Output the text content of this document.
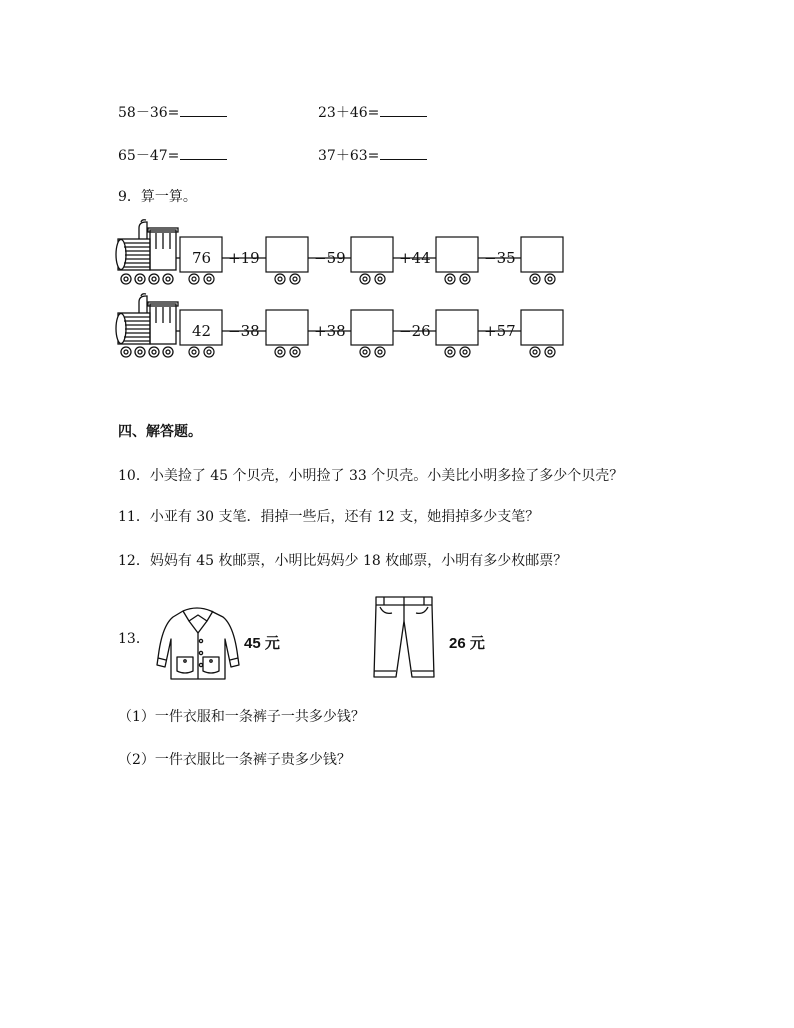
58－36=	23＋46=
65－47=	37＋63=
9．算一算。
76 +19	−59	+44	−35
42 −38	+38	−26	+57
四、解答题。
10．小美捡了 45 个贝壳，小明捡了 33 个贝壳。小美比小明多捡了多少个贝壳？
11．小亚有 30 支笔．捐掉一些后，还有 12 支，她捐掉多少支笔？
12．妈妈有 45 枚邮票，小明比妈妈少 18 枚邮票，小明有多少枚邮票？
13．	45 元	26 元
（1）一件衣服和一条裤子一共多少钱？
（2）一件衣服比一条裤子贵多少钱？
